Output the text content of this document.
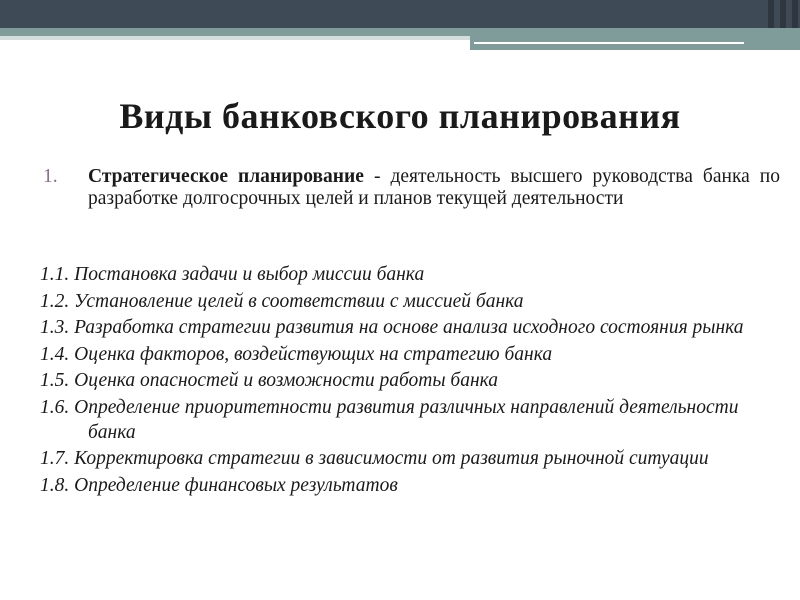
Виды банковского планирования
1. Стратегическое планирование - деятельность высшего руководства банка по разработке долгосрочных целей и планов текущей деятельности
1.1. Постановка задачи и выбор миссии банка
1.2. Установление целей в соответствии с миссией банка
1.3. Разработка стратегии развития на основе анализа исходного состояния рынка
1.4. Оценка факторов, воздействующих на стратегию банка
1.5. Оценка опасностей и возможности работы банка
1.6. Определение приоритетности развития различных направлений деятельности банка
1.7. Корректировка стратегии в зависимости от развития рыночной ситуации
1.8. Определение финансовых результатов
